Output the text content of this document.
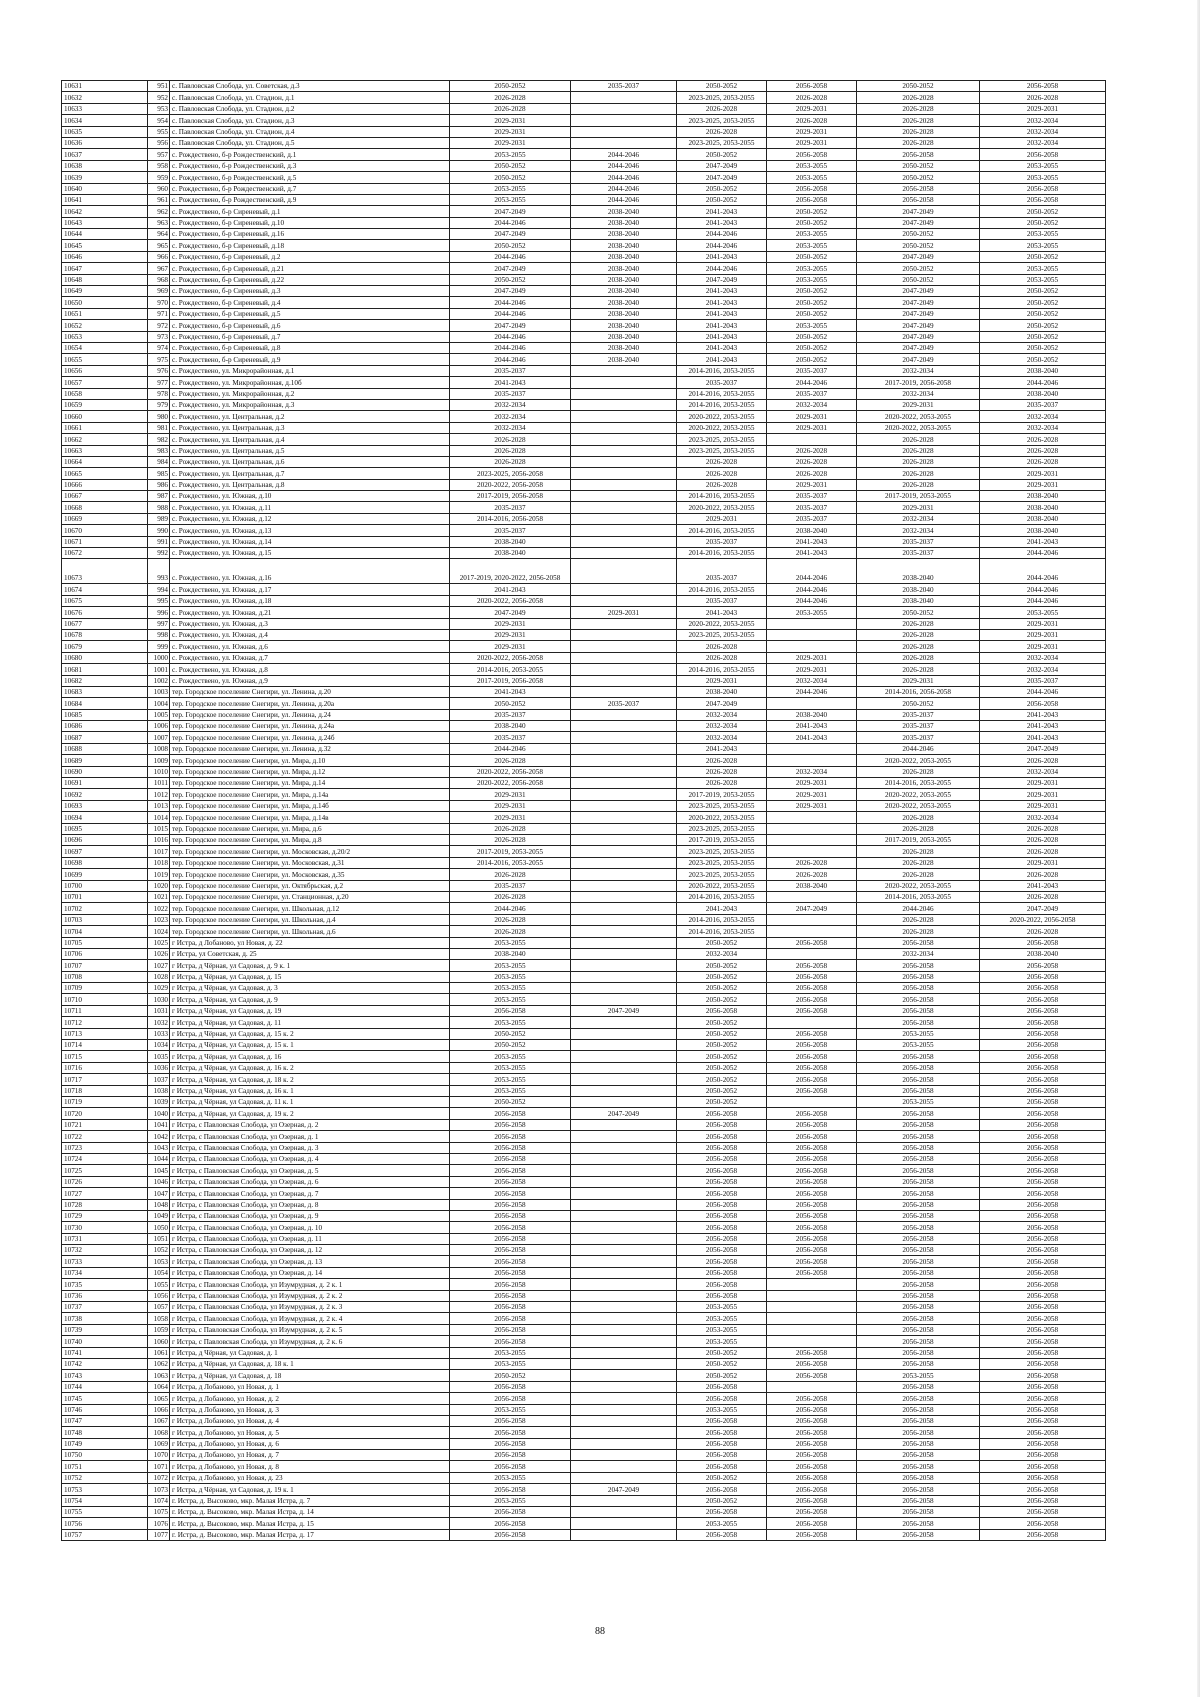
10631	951	с. Павловская Слобода, ул. Советская, д.3	2050-2052	2035-2037	2050-2052	2056-2058	2050-2052	2056-2058
10632	952	с. Павловская Слобода, ул. Стадион, д.1	2026-2028		2023-2025, 2053-2055	2026-2028	2026-2028	2026-2028
10633	953	с. Павловская Слобода, ул. Стадион, д.2	2026-2028		2026-2028	2029-2031	2026-2028	2029-2031
10634	954	с. Павловская Слобода, ул. Стадион, д.3	2029-2031		2023-2025, 2053-2055	2026-2028	2026-2028	2032-2034
10635	955	с. Павловская Слобода, ул. Стадион, д.4	2029-2031		2026-2028	2029-2031	2026-2028	2032-2034
10636	956	с. Павловская Слобода, ул. Стадион, д.5	2029-2031		2023-2025, 2053-2055	2029-2031	2026-2028	2032-2034
10637	957	с. Рождествено, б-р Рождественский, д.1	2053-2055	2044-2046	2050-2052	2056-2058	2056-2058	2056-2058
10638	958	с. Рождествено, б-р Рождественский, д.3	2050-2052	2044-2046	2047-2049	2053-2055	2050-2052	2053-2055
10639	959	с. Рождествено, б-р Рождественский, д.5	2050-2052	2044-2046	2047-2049	2053-2055	2050-2052	2053-2055
10640	960	с. Рождествено, б-р Рождественский, д.7	2053-2055	2044-2046	2050-2052	2056-2058	2056-2058	2056-2058
10641	961	с. Рождествено, б-р Рождественский, д.9	2053-2055	2044-2046	2050-2052	2056-2058	2056-2058	2056-2058
10642	962	с. Рождествено, б-р Сиреневый, д.1	2047-2049	2038-2040	2041-2043	2050-2052	2047-2049	2050-2052
10643	963	с. Рождествено, б-р Сиреневый, д.10	2044-2046	2038-2040	2041-2043	2050-2052	2047-2049	2050-2052
10644	964	с. Рождествено, б-р Сиреневый, д.16	2047-2049	2038-2040	2044-2046	2053-2055	2050-2052	2053-2055
10645	965	с. Рождествено, б-р Сиреневый, д.18	2050-2052	2038-2040	2044-2046	2053-2055	2050-2052	2053-2055
10646	966	с. Рождествено, б-р Сиреневый, д.2	2044-2046	2038-2040	2041-2043	2050-2052	2047-2049	2050-2052
10647	967	с. Рождествено, б-р Сиреневый, д.21	2047-2049	2038-2040	2044-2046	2053-2055	2050-2052	2053-2055
10648	968	с. Рождествено, б-р Сиреневый, д.22	2050-2052	2038-2040	2047-2049	2053-2055	2050-2052	2053-2055
10649	969	с. Рождествено, б-р Сиреневый, д.3	2047-2049	2038-2040	2041-2043	2050-2052	2047-2049	2050-2052
10650	970	с. Рождествено, б-р Сиреневый, д.4	2044-2046	2038-2040	2041-2043	2050-2052	2047-2049	2050-2052
10651	971	с. Рождествено, б-р Сиреневый, д.5	2044-2046	2038-2040	2041-2043	2050-2052	2047-2049	2050-2052
10652	972	с. Рождествено, б-р Сиреневый, д.6	2047-2049	2038-2040	2041-2043	2053-2055	2047-2049	2050-2052
10653	973	с. Рождествено, б-р Сиреневый, д.7	2044-2046	2038-2040	2041-2043	2050-2052	2047-2049	2050-2052
10654	974	с. Рождествено, б-р Сиреневый, д.8	2044-2046	2038-2040	2041-2043	2050-2052	2047-2049	2050-2052
10655	975	с. Рождествено, б-р Сиреневый, д.9	2044-2046	2038-2040	2041-2043	2050-2052	2047-2049	2050-2052
10656	976	с. Рождествено, ул. Микрорайонная, д.1	2035-2037		2014-2016, 2053-2055	2035-2037	2032-2034	2038-2040
10657	977	с. Рождествено, ул. Микрорайонная, д.10б	2041-2043		2035-2037	2044-2046	2017-2019, 2056-2058	2044-2046
10658	978	с. Рождествено, ул. Микрорайонная, д.2	2035-2037		2014-2016, 2053-2055	2035-2037	2032-2034	2038-2040
10659	979	с. Рождествено, ул. Микрорайонная, д.3	2032-2034		2014-2016, 2053-2055	2032-2034	2029-2031	2035-2037
10660	980	с. Рождествено, ул. Центральная, д.2	2032-2034		2020-2022, 2053-2055	2029-2031	2020-2022, 2053-2055	2032-2034
10661	981	с. Рождествено, ул. Центральная, д.3	2032-2034		2020-2022, 2053-2055	2029-2031	2020-2022, 2053-2055	2032-2034
10662	982	с. Рождествено, ул. Центральная, д.4	2026-2028		2023-2025, 2053-2055		2026-2028	2026-2028
10663	983	с. Рождествено, ул. Центральная, д.5	2026-2028		2023-2025, 2053-2055	2026-2028	2026-2028	2026-2028
10664	984	с. Рождествено, ул. Центральная, д.6	2026-2028		2026-2028	2026-2028	2026-2028	2026-2028
10665	985	с. Рождествено, ул. Центральная, д.7	2023-2025, 2056-2058		2026-2028	2026-2028	2026-2028	2029-2031
10666	986	с. Рождествено, ул. Центральная, д.8	2020-2022, 2056-2058		2026-2028	2029-2031	2026-2028	2029-2031
10667	987	с. Рождествено, ул. Южная, д.10	2017-2019, 2056-2058		2014-2016, 2053-2055	2035-2037	2017-2019, 2053-2055	2038-2040
10668	988	с. Рождествено, ул. Южная, д.11	2035-2037		2020-2022, 2053-2055	2035-2037	2029-2031	2038-2040
10669	989	с. Рождествено, ул. Южная, д.12	2014-2016, 2056-2058		2029-2031	2035-2037	2032-2034	2038-2040
10670	990	с. Рождествено, ул. Южная, д.13	2035-2037		2014-2016, 2053-2055	2038-2040	2032-2034	2038-2040
10671	991	с. Рождествено, ул. Южная, д.14	2038-2040		2035-2037	2041-2043	2035-2037	2041-2043
10672	992	с. Рождествено, ул. Южная, д.15	2038-2040		2014-2016, 2053-2055	2041-2043	2035-2037	2044-2046
10673	993	с. Рождествено, ул. Южная, д.16	2017-2019, 2020-2022, 2056-2058		2035-2037	2044-2046	2038-2040	2044-2046
10674	994	с. Рождествено, ул. Южная, д.17	2041-2043		2014-2016, 2053-2055	2044-2046	2038-2040	2044-2046
10675	995	с. Рождествено, ул. Южная, д.18	2020-2022, 2056-2058		2035-2037	2044-2046	2038-2040	2044-2046
10676	996	с. Рождествено, ул. Южная, д.21	2047-2049	2029-2031	2041-2043	2053-2055	2050-2052	2053-2055
10677	997	с. Рождествено, ул. Южная, д.3	2029-2031		2020-2022, 2053-2055		2026-2028	2029-2031
10678	998	с. Рождествено, ул. Южная, д.4	2029-2031		2023-2025, 2053-2055		2026-2028	2029-2031
10679	999	с. Рождествено, ул. Южная, д.6	2029-2031		2026-2028		2026-2028	2029-2031
10680	1000	с. Рождествено, ул. Южная, д.7	2020-2022, 2056-2058		2026-2028	2029-2031	2026-2028	2032-2034
10681	1001	с. Рождествено, ул. Южная, д.8	2014-2016, 2053-2055		2014-2016, 2053-2055	2029-2031	2026-2028	2032-2034
10682	1002	с. Рождествено, ул. Южная, д.9	2017-2019, 2056-2058		2029-2031	2032-2034	2029-2031	2035-2037
10683	1003	тер. Городское поселение Снегири, ул. Ленина, д.20	2041-2043		2038-2040	2044-2046	2014-2016, 2056-2058	2044-2046
10684	1004	тер. Городское поселение Снегири, ул. Ленина, д.20а	2050-2052	2035-2037	2047-2049		2050-2052	2056-2058
10685	1005	тер. Городское поселение Снегири, ул. Ленина, д.24	2035-2037		2032-2034	2038-2040	2035-2037	2041-2043
10686	1006	тер. Городское поселение Снегири, ул. Ленина, д.24а	2038-2040		2032-2034	2041-2043	2035-2037	2041-2043
10687	1007	тер. Городское поселение Снегири, ул. Ленина, д.24б	2035-2037		2032-2034	2041-2043	2035-2037	2041-2043
10688	1008	тер. Городское поселение Снегири, ул. Ленина, д.32	2044-2046		2041-2043		2044-2046	2047-2049
10689	1009	тер. Городское поселение Снегири, ул. Мира, д.10	2026-2028		2026-2028		2020-2022, 2053-2055	2026-2028
10690	1010	тер. Городское поселение Снегири, ул. Мира, д.12	2020-2022, 2056-2058		2026-2028	2032-2034	2026-2028	2032-2034
10691	1011	тер. Городское поселение Снегири, ул. Мира, д.14	2020-2022, 2056-2058		2026-2028	2029-2031	2014-2016, 2053-2055	2029-2031
10692	1012	тер. Городское поселение Снегири, ул. Мира, д.14а	2029-2031		2017-2019, 2053-2055	2029-2031	2020-2022, 2053-2055	2029-2031
10693	1013	тер. Городское поселение Снегири, ул. Мира, д.14б	2029-2031		2023-2025, 2053-2055	2029-2031	2020-2022, 2053-2055	2029-2031
10694	1014	тер. Городское поселение Снегири, ул. Мира, д.14в	2029-2031		2020-2022, 2053-2055		2026-2028	2032-2034
10695	1015	тер. Городское поселение Снегири, ул. Мира, д.6	2026-2028		2023-2025, 2053-2055		2026-2028	2026-2028
10696	1016	тер. Городское поселение Снегири, ул. Мира, д.8	2026-2028		2017-2019, 2053-2055		2017-2019, 2053-2055	2026-2028
10697	1017	тер. Городское поселение Снегири, ул. Московская, д.20/2	2017-2019, 2053-2055		2023-2025, 2053-2055		2026-2028	2026-2028
10698	1018	тер. Городское поселение Снегири, ул. Московская, д.31	2014-2016, 2053-2055		2023-2025, 2053-2055	2026-2028	2026-2028	2029-2031
10699	1019	тер. Городское поселение Снегири, ул. Московская, д.35	2026-2028		2023-2025, 2053-2055	2026-2028	2026-2028	2026-2028
10700	1020	тер. Городское поселение Снегири, ул. Октябрьская, д.2	2035-2037		2020-2022, 2053-2055	2038-2040	2020-2022, 2053-2055	2041-2043
10701	1021	тер. Городское поселение Снегири, ул. Станционная, д.20	2026-2028		2014-2016, 2053-2055		2014-2016, 2053-2055	2026-2028
10702	1022	тер. Городское поселение Снегири, ул. Школьная, д.12	2044-2046		2041-2043	2047-2049	2044-2046	2047-2049
10703	1023	тер. Городское поселение Снегири, ул. Школьная, д.4	2026-2028		2014-2016, 2053-2055		2026-2028	2020-2022, 2056-2058
10704	1024	тер. Городское поселение Снегири, ул. Школьная, д.6	2026-2028		2014-2016, 2053-2055		2026-2028	2026-2028
10705	1025	г Истра, д Лобаново, ул Новая, д. 22	2053-2055		2050-2052	2056-2058	2056-2058	2056-2058
10706	1026	г Истра, ул Советская, д. 25	2038-2040		2032-2034		2032-2034	2038-2040
10707	1027	г Истра, д Чёрная, ул Садовая, д. 9 к. 1	2053-2055		2050-2052	2056-2058	2056-2058	2056-2058
10708	1028	г Истра, д Чёрная, ул Садовая, д. 15	2053-2055		2050-2052	2056-2058	2056-2058	2056-2058
10709	1029	г Истра, д Чёрная, ул Садовая, д. 3	2053-2055		2050-2052	2056-2058	2056-2058	2056-2058
10710	1030	г Истра, д Чёрная, ул Садовая, д. 9	2053-2055		2050-2052	2056-2058	2056-2058	2056-2058
10711	1031	г Истра, д Чёрная, ул Садовая, д. 19	2056-2058	2047-2049	2056-2058	2056-2058	2056-2058	2056-2058
10712	1032	г Истра, д Чёрная, ул Садовая, д. 11	2053-2055		2050-2052		2056-2058	2056-2058
10713	1033	г Истра, д Чёрная, ул Садовая, д. 15 к. 2	2050-2052		2050-2052	2056-2058	2053-2055	2056-2058
10714	1034	г Истра, д Чёрная, ул Садовая, д. 15 к. 1	2050-2052		2050-2052	2056-2058	2053-2055	2056-2058
10715	1035	г Истра, д Чёрная, ул Садовая, д. 16	2053-2055		2050-2052	2056-2058	2056-2058	2056-2058
10716	1036	г Истра, д Чёрная, ул Садовая, д. 16 к. 2	2053-2055		2050-2052	2056-2058	2056-2058	2056-2058
10717	1037	г Истра, д Чёрная, ул Садовая, д. 18 к. 2	2053-2055		2050-2052	2056-2058	2056-2058	2056-2058
10718	1038	г Истра, д Чёрная, ул Садовая, д. 16 к. 1	2053-2055		2050-2052	2056-2058	2056-2058	2056-2058
10719	1039	г Истра, д Чёрная, ул Садовая, д. 11 к. 1	2050-2052		2050-2052		2053-2055	2056-2058
10720	1040	г Истра, д Чёрная, ул Садовая, д. 19 к. 2	2056-2058	2047-2049	2056-2058	2056-2058	2056-2058	2056-2058
10721	1041	г Истра, с Павловская Слобода, ул Озерная, д. 2	2056-2058		2056-2058	2056-2058	2056-2058	2056-2058
10722	1042	г Истра, с Павловская Слобода, ул Озерная, д. 1	2056-2058		2056-2058	2056-2058	2056-2058	2056-2058
10723	1043	г Истра, с Павловская Слобода, ул Озерная, д. 3	2056-2058		2056-2058	2056-2058	2056-2058	2056-2058
10724	1044	г Истра, с Павловская Слобода, ул Озерная, д. 4	2056-2058		2056-2058	2056-2058	2056-2058	2056-2058
10725	1045	г Истра, с Павловская Слобода, ул Озерная, д. 5	2056-2058		2056-2058	2056-2058	2056-2058	2056-2058
10726	1046	г Истра, с Павловская Слобода, ул Озерная, д. 6	2056-2058		2056-2058	2056-2058	2056-2058	2056-2058
10727	1047	г Истра, с Павловская Слобода, ул Озерная, д. 7	2056-2058		2056-2058	2056-2058	2056-2058	2056-2058
10728	1048	г Истра, с Павловская Слобода, ул Озерная, д. 8	2056-2058		2056-2058	2056-2058	2056-2058	2056-2058
10729	1049	г Истра, с Павловская Слобода, ул Озерная, д. 9	2056-2058		2056-2058	2056-2058	2056-2058	2056-2058
10730	1050	г Истра, с Павловская Слобода, ул Озерная, д. 10	2056-2058		2056-2058	2056-2058	2056-2058	2056-2058
10731	1051	г Истра, с Павловская Слобода, ул Озерная, д. 11	2056-2058		2056-2058	2056-2058	2056-2058	2056-2058
10732	1052	г Истра, с Павловская Слобода, ул Озерная, д. 12	2056-2058		2056-2058	2056-2058	2056-2058	2056-2058
10733	1053	г Истра, с Павловская Слобода, ул Озерная, д. 13	2056-2058		2056-2058	2056-2058	2056-2058	2056-2058
10734	1054	г Истра, с Павловская Слобода, ул Озерная, д. 14	2056-2058		2056-2058	2056-2058	2056-2058	2056-2058
10735	1055	г Истра, с Павловская Слобода, ул Изумрудная, д. 2 к. 1	2056-2058		2056-2058		2056-2058	2056-2058
10736	1056	г Истра, с Павловская Слобода, ул Изумрудная, д. 2 к. 2	2056-2058		2056-2058		2056-2058	2056-2058
10737	1057	г Истра, с Павловская Слобода, ул Изумрудная, д. 2 к. 3	2056-2058		2053-2055		2056-2058	2056-2058
10738	1058	г Истра, с Павловская Слобода, ул Изумрудная, д. 2 к. 4	2056-2058		2053-2055		2056-2058	2056-2058
10739	1059	г Истра, с Павловская Слобода, ул Изумрудная, д. 2 к. 5	2056-2058		2053-2055		2056-2058	2056-2058
10740	1060	г Истра, с Павловская Слобода, ул Изумрудная, д. 2 к. 6	2056-2058		2053-2055		2056-2058	2056-2058
10741	1061	г Истра, д Чёрная, ул Садовая, д. 1	2053-2055		2050-2052	2056-2058	2056-2058	2056-2058
10742	1062	г Истра, д Чёрная, ул Садовая, д. 18 к. 1	2053-2055		2050-2052	2056-2058	2056-2058	2056-2058
10743	1063	г Истра, д Чёрная, ул Садовая, д. 18	2050-2052		2050-2052	2056-2058	2053-2055	2056-2058
10744	1064	г Истра, д Лобаново, ул Новая, д. 1	2056-2058		2056-2058		2056-2058	2056-2058
10745	1065	г Истра, д Лобаново, ул Новая, д. 2	2056-2058		2056-2058	2056-2058	2056-2058	2056-2058
10746	1066	г Истра, д Лобаново, ул Новая, д. 3	2053-2055		2053-2055	2056-2058	2056-2058	2056-2058
10747	1067	г Истра, д Лобаново, ул Новая, д. 4	2056-2058		2056-2058	2056-2058	2056-2058	2056-2058
10748	1068	г Истра, д Лобаново, ул Новая, д. 5	2056-2058		2056-2058	2056-2058	2056-2058	2056-2058
10749	1069	г Истра, д Лобаново, ул Новая, д. 6	2056-2058		2056-2058	2056-2058	2056-2058	2056-2058
10750	1070	г Истра, д Лобаново, ул Новая, д. 7	2056-2058		2056-2058	2056-2058	2056-2058	2056-2058
10751	1071	г Истра, д Лобаново, ул Новая, д. 8	2056-2058		2056-2058	2056-2058	2056-2058	2056-2058
10752	1072	г Истра, д Лобаново, ул Новая, д. 23	2053-2055		2050-2052	2056-2058	2056-2058	2056-2058
10753	1073	г Истра, д Чёрная, ул Садовая, д. 19 к. 1	2056-2058	2047-2049	2056-2058	2056-2058	2056-2058	2056-2058
10754	1074	г. Истра, д. Высоково, мкр. Малая Истра, д. 7	2053-2055		2050-2052	2056-2058	2056-2058	2056-2058
10755	1075	г. Истра, д. Высоково, мкр. Малая Истра, д. 14	2056-2058		2056-2058	2056-2058	2056-2058	2056-2058
10756	1076	г. Истра, д. Высоково, мкр. Малая Истра, д. 15	2056-2058		2053-2055	2056-2058	2056-2058	2056-2058
10757	1077	г. Истра, д. Высоково, мкр. Малая Истра, д. 17	2056-2058		2056-2058	2056-2058	2056-2058	2056-2058
88
